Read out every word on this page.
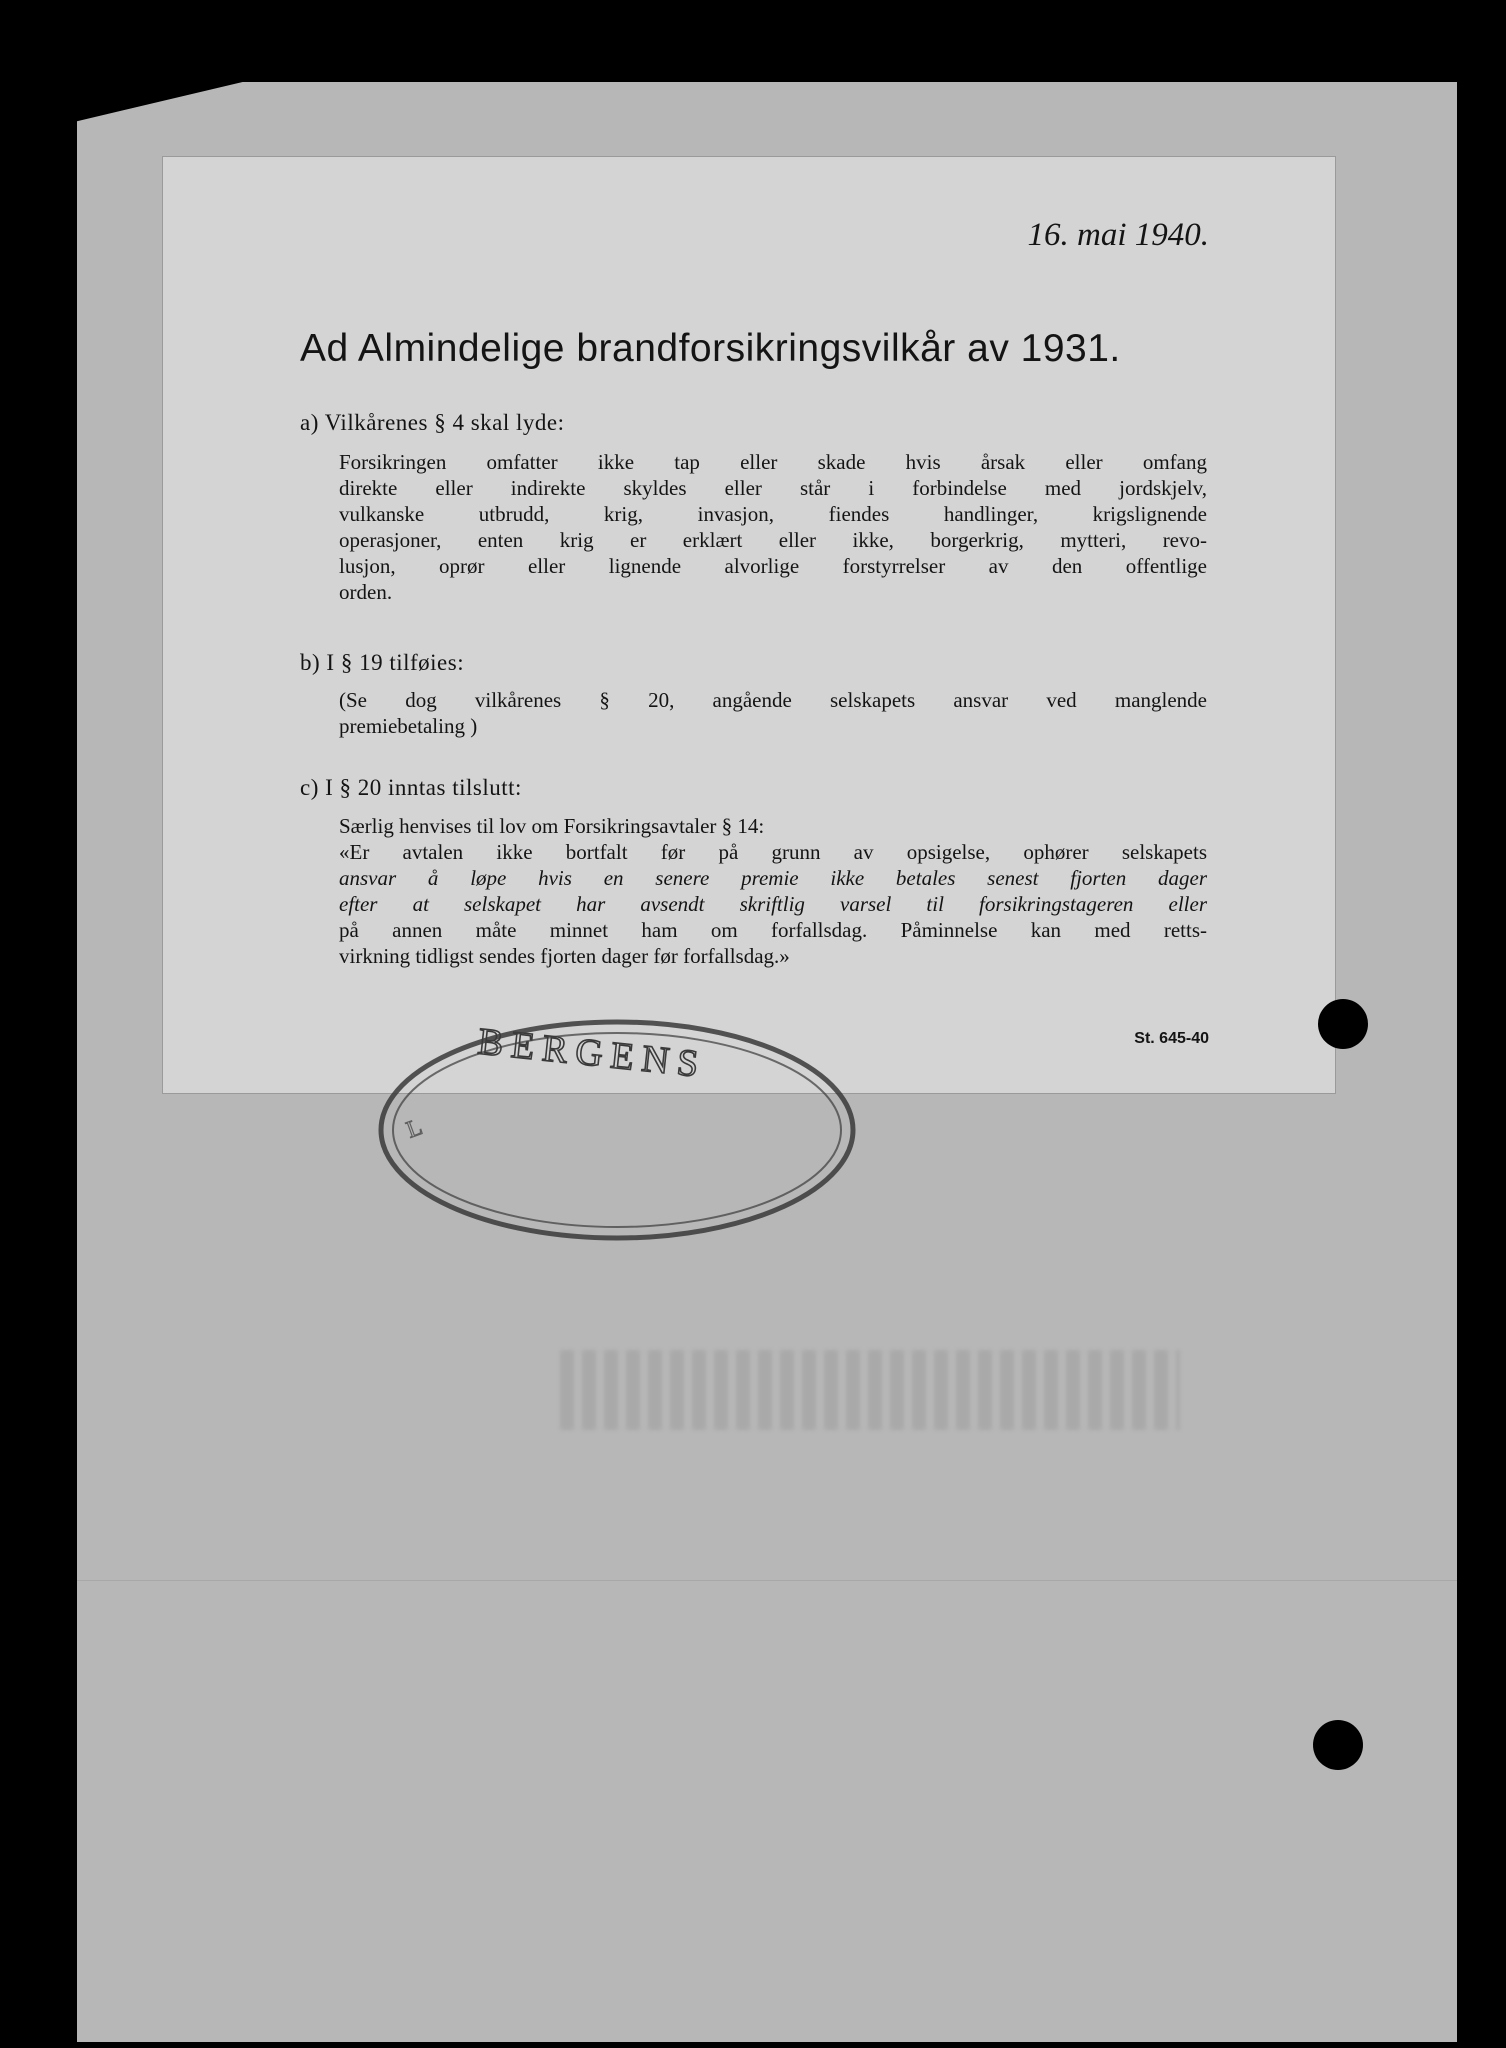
16. mai 1940.
Ad Almindelige brandforsikringsvilkår av 1931.
a) Vilkårenes § 4 skal lyde:
Forsikringen omfatter ikke tap eller skade hvis årsak eller omfang
direkte eller indirekte skyldes eller står i forbindelse med jordskjelv,
vulkanske utbrudd, krig, invasjon, fiendes handlinger, krigslignende
operasjoner, enten krig er erklært eller ikke, borgerkrig, mytteri, revo-
lusjon, oprør eller lignende alvorlige forstyrrelser av den offentlige
orden.
b) I § 19 tilføies:
(Se dog vilkårenes § 20, angående selskapets ansvar ved manglende
premiebetaling )
c) I § 20 inntas tilslutt:
Særlig henvises til lov om Forsikringsavtaler § 14:
«Er avtalen ikke bortfalt før på grunn av opsigelse, ophører selskapets
ansvar å løpe hvis en senere premie ikke betales senest fjorten dager
efter at selskapet har avsendt skriftlig varsel til forsikringstageren eller
på annen måte minnet ham om forfallsdag. Påminnelse kan med retts-
virkning tidligst sendes fjorten dager før forfallsdag.»
St. 645-40
BERGENS
L
